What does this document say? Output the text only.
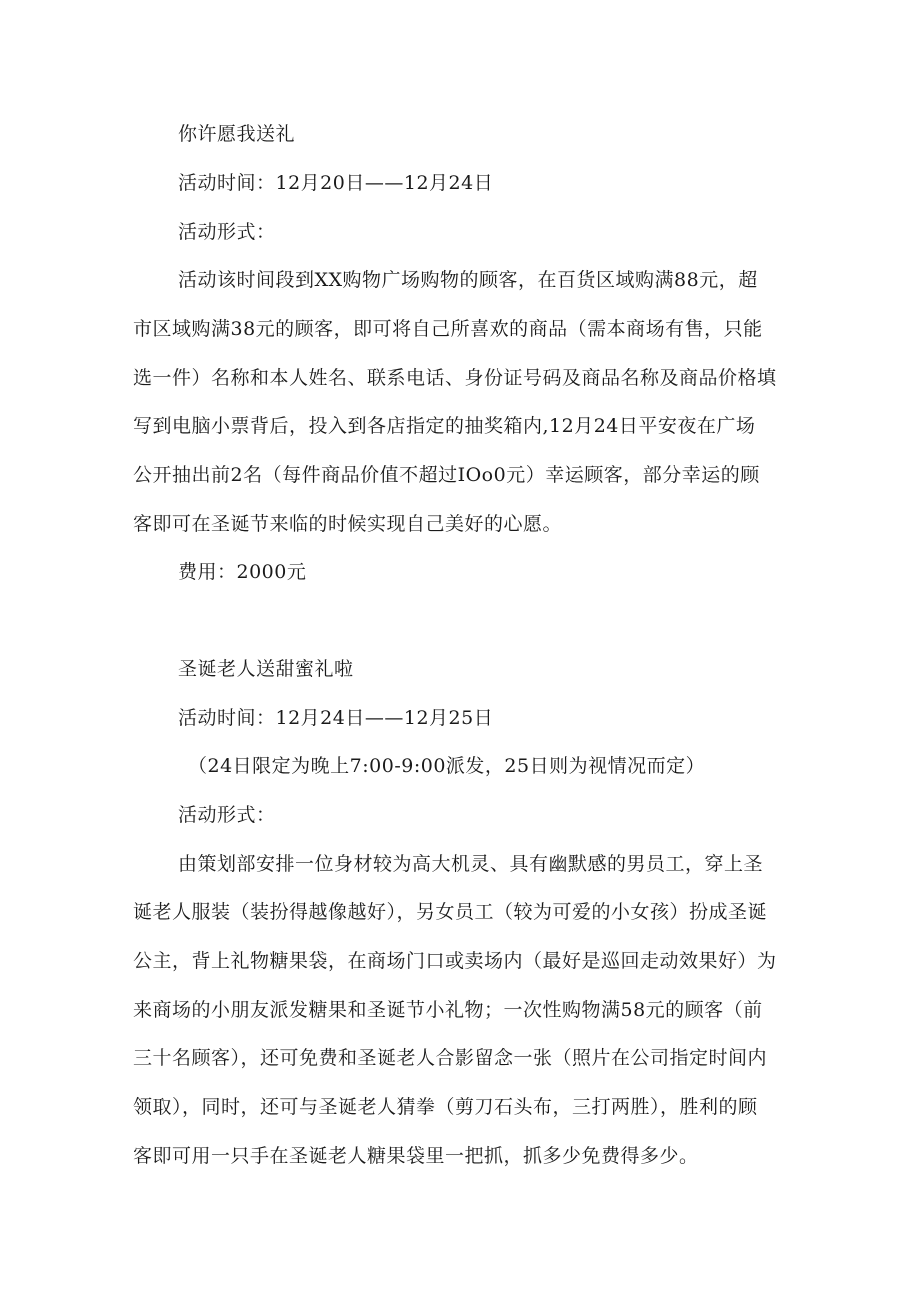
你许愿我送礼
活动时间：12月20日——12月24日
活动形式：
活动该时间段到XX购物广场购物的顾客，在百货区域购满88元，超
市区域购满38元的顾客，即可将自己所喜欢的商品（需本商场有售，只能
选一件）名称和本人姓名、联系电话、身份证号码及商品名称及商品价格填
写到电脑小票背后，投入到各店指定的抽奖箱内,12月24日平安夜在广场
公开抽出前2名（每件商品价值不超过IOo0元）幸运顾客，部分幸运的顾
客即可在圣诞节来临的时候实现自己美好的心愿。
费用：2000元
圣诞老人送甜蜜礼啦
活动时间：12月24日——12月25日
（24日限定为晚上7:00-9:00派发，25日则为视情况而定）
活动形式：
由策划部安排一位身材较为高大机灵、具有幽默感的男员工，穿上圣
诞老人服装（装扮得越像越好），另女员工（较为可爱的小女孩）扮成圣诞
公主，背上礼物糖果袋，在商场门口或卖场内（最好是巡回走动效果好）为
来商场的小朋友派发糖果和圣诞节小礼物；一次性购物满58元的顾客（前
三十名顾客），还可免费和圣诞老人合影留念一张（照片在公司指定时间内
领取），同时，还可与圣诞老人猜拳（剪刀石头布，三打两胜），胜利的顾
客即可用一只手在圣诞老人糖果袋里一把抓，抓多少免费得多少。
